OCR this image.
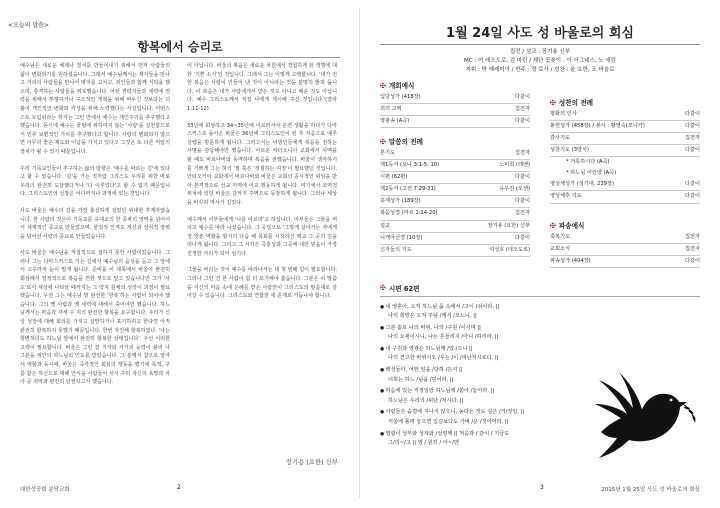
<오늘의 말씀>
항복에서 승리로

예수님은 새로운 체제나 질서를 만들어내기 위해서 먼저 사람들의 삶이 변화되기를 원하셨습니다. 그래서 예수님께서는 제자들을 만나고 거리의 사람들을 만나서 병자를 고치고, 죄인들과 함께 식탁을 했으며, 충격하는 사람들을 위로했습니다. 어떤 권력자들과 세력에 권력을 위해서 투쟁하거나 구조적인 개혁을 위해 싸우신 것보다는 더불어 개인적인 변화와 각성을 위해 노력했다는 사실입니다. 어떤스스트 트림위라는 학자는 그런 면에서 예수는 개인주의를 추구했다고 했습니다. 동시에 예수는 물범에 위하여지 않는 '사랑'을 실천함으로서 인류 보편적인 가치를 추구했다고 합니다. 사랑의 변화되지 않으면 아무리 좋은 제도와 이념을 가지고 있다고 그것은 또 다른 억압의 장치가 될 수 있기 때문입니다.

우리 기독교인들이 추구하는 삶의 방향은 '예수를 따르는 길'에 있다고 할 수 있습니다. '길'을 가는 것처럼 그리스도 우리를 위한 바로 우리의 완전히 도달했다거나 '다 이루었다'고 할 수 없기 때문입니다. 그리스도인의 성장은 어디까지나 과정에 있는 것입니다.

사도 바울은 예수의 길을 가장 충실하게 걸었던 위대한 후계자였습니다. 한 사람의 작은이 기독교를 유대교의 한 종파의 영역을 넘어서서 세계적인 종교로 만들었으며, 물질적 인격도 개신과 상식적 장벽을 넘어선 사랑의 종교로 만들었습니다.

사도 바울은 예수님을 직접적으로 접하지 못한 사람이었습니다. 그러나 그는 다마스커스로 가는 길에서 예수님의 음성을 듣고 그 앞에서 고꾸라져 눈이 멀게 됩니다. 준비를 이 대목에서 바울이 완전히 회심해서 열정적으로 복음을 전한 것으로 알고 있습니다만 그가 '사도'로서 세상에 나타날 때까지는 그 약지 침체의 성장이 과정이 필요했습니다. 우선 그는 예수님 말 완전한 '항복'하는 사람이 되어야 했습니다. 그의 옛 사람과 옛 세력에 대해서 죽어야만 했습니다. 하느님께서는 마음과 자세 수 지의 완전한 항복을 요구합니다. 우리가 신앙 성장에 대해 회의를 가지고 실망하거나 포기하려고 한다면 아직 완전히 항복하지 못했기 때문입니다. 한번 자진해 항복하였다. '나는 항변하더도 하느님 앞에서 완전히 항복한 상태입니다'. 우선 이러한 고백이 필요합니다. 바울은 그런 잘 기자와 자기의 능력이 불러 나 그분을 제안의 하느님의 인도를 받았습니다. 그 분께서 참으로 알아서 역할과 동시에, 바울은 즉각적인 회심의 행동을 했기에 목적, 구름 같은 하신으로 대해 안식을 사람들이 서서 주러 자신의 욕망과 자아 곧 죄악과 완전히 단절하고자 했습니다.

이 아닙니다. 바울의 복음은 새로운 차원에서 경험하게 된 생명에 대한 '기쁜 소식'인 것입니다. 그래서 그는 이렇게 고백합니다. '내가 전한 복음은 사람이 만들어 낸 것이 아니라는 것을 분명히 밝혀 둡니다. 이 복음은 내가 사람에게서 받은 것도 아니고 배운 것도 아닙니다. 예수 그리스도께서 직접 나에게 계시해 주신 것입니다.'(갈라 1:11-12)

33년에 회심하고 34~35년에 이르러서야 온전 생활을 하다가 다마스커스로 돌아온 바울은 36년에 그리스도인이 된 후 처음으로 예루살렘을 방문하게 됩니다. 그러고서는 이방인들에게 복음을 전하는 사명을 감당해야만 했습니다. 이로운 악터오니아 교회에서 사역을 할 때도 바르나바와 동역하며 복음을 전했습니다. 바울이 생각하기를 기쁘게 그는 혀의 '필 혹은 '정점하는 여정'이 필요했던 것입니다. 안티오키아 교회에서 바르나바와 바울은 교회의 공식적인 위임을 받아 본격적으로 선교 지역에 이교 행동하게 됩니다. 여기에서 조역적 위치에 있던 바울은 갈까지 주역으로 등장하게 됩니다. 그러나 세상을 바꾸려 역사가 길었다.

예수께서 어부들에게 '나를 따르라'고 하십니다. 어부들은 그물을 버리고 예수를 따라 나섰습니다. 그 응답으로 '그렇게 살아가는 자에게 정 맞춘 역할을 할지의 다음 해 목회를 시작하신 행교 그 곳의 길을 떠나게 됩니다. 그리고 그 시작은 즉흥성과 그곳에 대한 믿음이 가장 진정한 자리가 되어 섬기다.

그물을 버리는 것이 예수를 따라나서는 데 첫 번째 힘이 필요합니다. 그러나 그런 건 한 사람이 힘 더 포기해야 옳습니다. 그분은 이 말씀을 자신의 마음 속에 은혜를 받은 사람만이 그리스도의 말씀대로 살아갈 수 있습니다. 그리스도와 연합한 새 존재로 거듭나야 합니다.

장기용 (요한) 신부
대한성공회 분당교회	2
1월 24일 사도 성 바울로의 회심
집전 / 설교 : 장기용 신부
MC : 여 데오도로, 김 마틴 / 제단 꽃꽂이 : 이 아그네스, 노 애린
지휘 : 박 예레미아 / 반주 : 정 로사 / 성찬 : 윤 요한, 조 바울로
✠ 개회예식
입당성가 (418장)	다같이
죄의 고백	집전자
영광송 (A곡)	다같이
✠ 말씀의 전례
본기도	집전자
제1독서 (요나 3:1-5, 10)	노미희 (레벤)
시편 (62편)	다같이
제2독서 (고전 7:29-31)	유우진 (오센)
층계성가 (189장)	다같이
복음성경 (마르 1:14-20)	집전자
설교	장기용 (요한) 신부
니케아신경 (10장)	다같이
신자들의 기도	여성호 (데오도로)
✠ 성찬의 전례
평화의 인사	다같이
봉헌성가 (458장) / 봉사 : 황영숙(모니카)	다같이
감사기도	집전자
성찬기도 (3양식)	다같이
* 거룩하시다 (A곡)
* 하느님 어린양 (A곡)
영성체성가 (성가대, 239장)	다같이
영성체후 기도	다같이
✠ 파송예식
축복기도	집전자
교회소식	집전자
파송성가 (494장)	다같이
✠ 시편 62편
● 내 영혼아, 오직 하느님 품 속에서 /고이 /쉬어라. ||
나의 희망은 오직 주님 /께서 /오느니. ||
● 그분 홀로 나의 바위, 나의 /구원 /이시며 ||
나의 요새이시니, 나는 흔들리지 /아니 /하리라. ||
● 내 구원과 영광은 하느님께 /있 /으니 ||
나의 견고한 바위시오 /우는 /이 /피난처시로다. ||
● 백성들아, 어떤 일을 /당하 /든지 ||
너희는 하느 /님을 /믿어라. ||
● 마음에 있는 걱정일랑 하느님께 /쏟아 /놓아라. ||
하느님은 우리의 /피난 /처시다. ||
● 사람들은 숨결에 지나지 않으니, 높다는 것도 실은 /거/짓일, ||
저울에 올려 놓으면 입김보다도 가벼 /운 /것이어라. ||
● 영광이 성부와 성자와 /성령께 || 처음과 / 같이 / 지금도
그/리~/고 || 영 / 원히 / 아~/멘
3	2015년 1월 25일 사도 성 바울로의 회심
